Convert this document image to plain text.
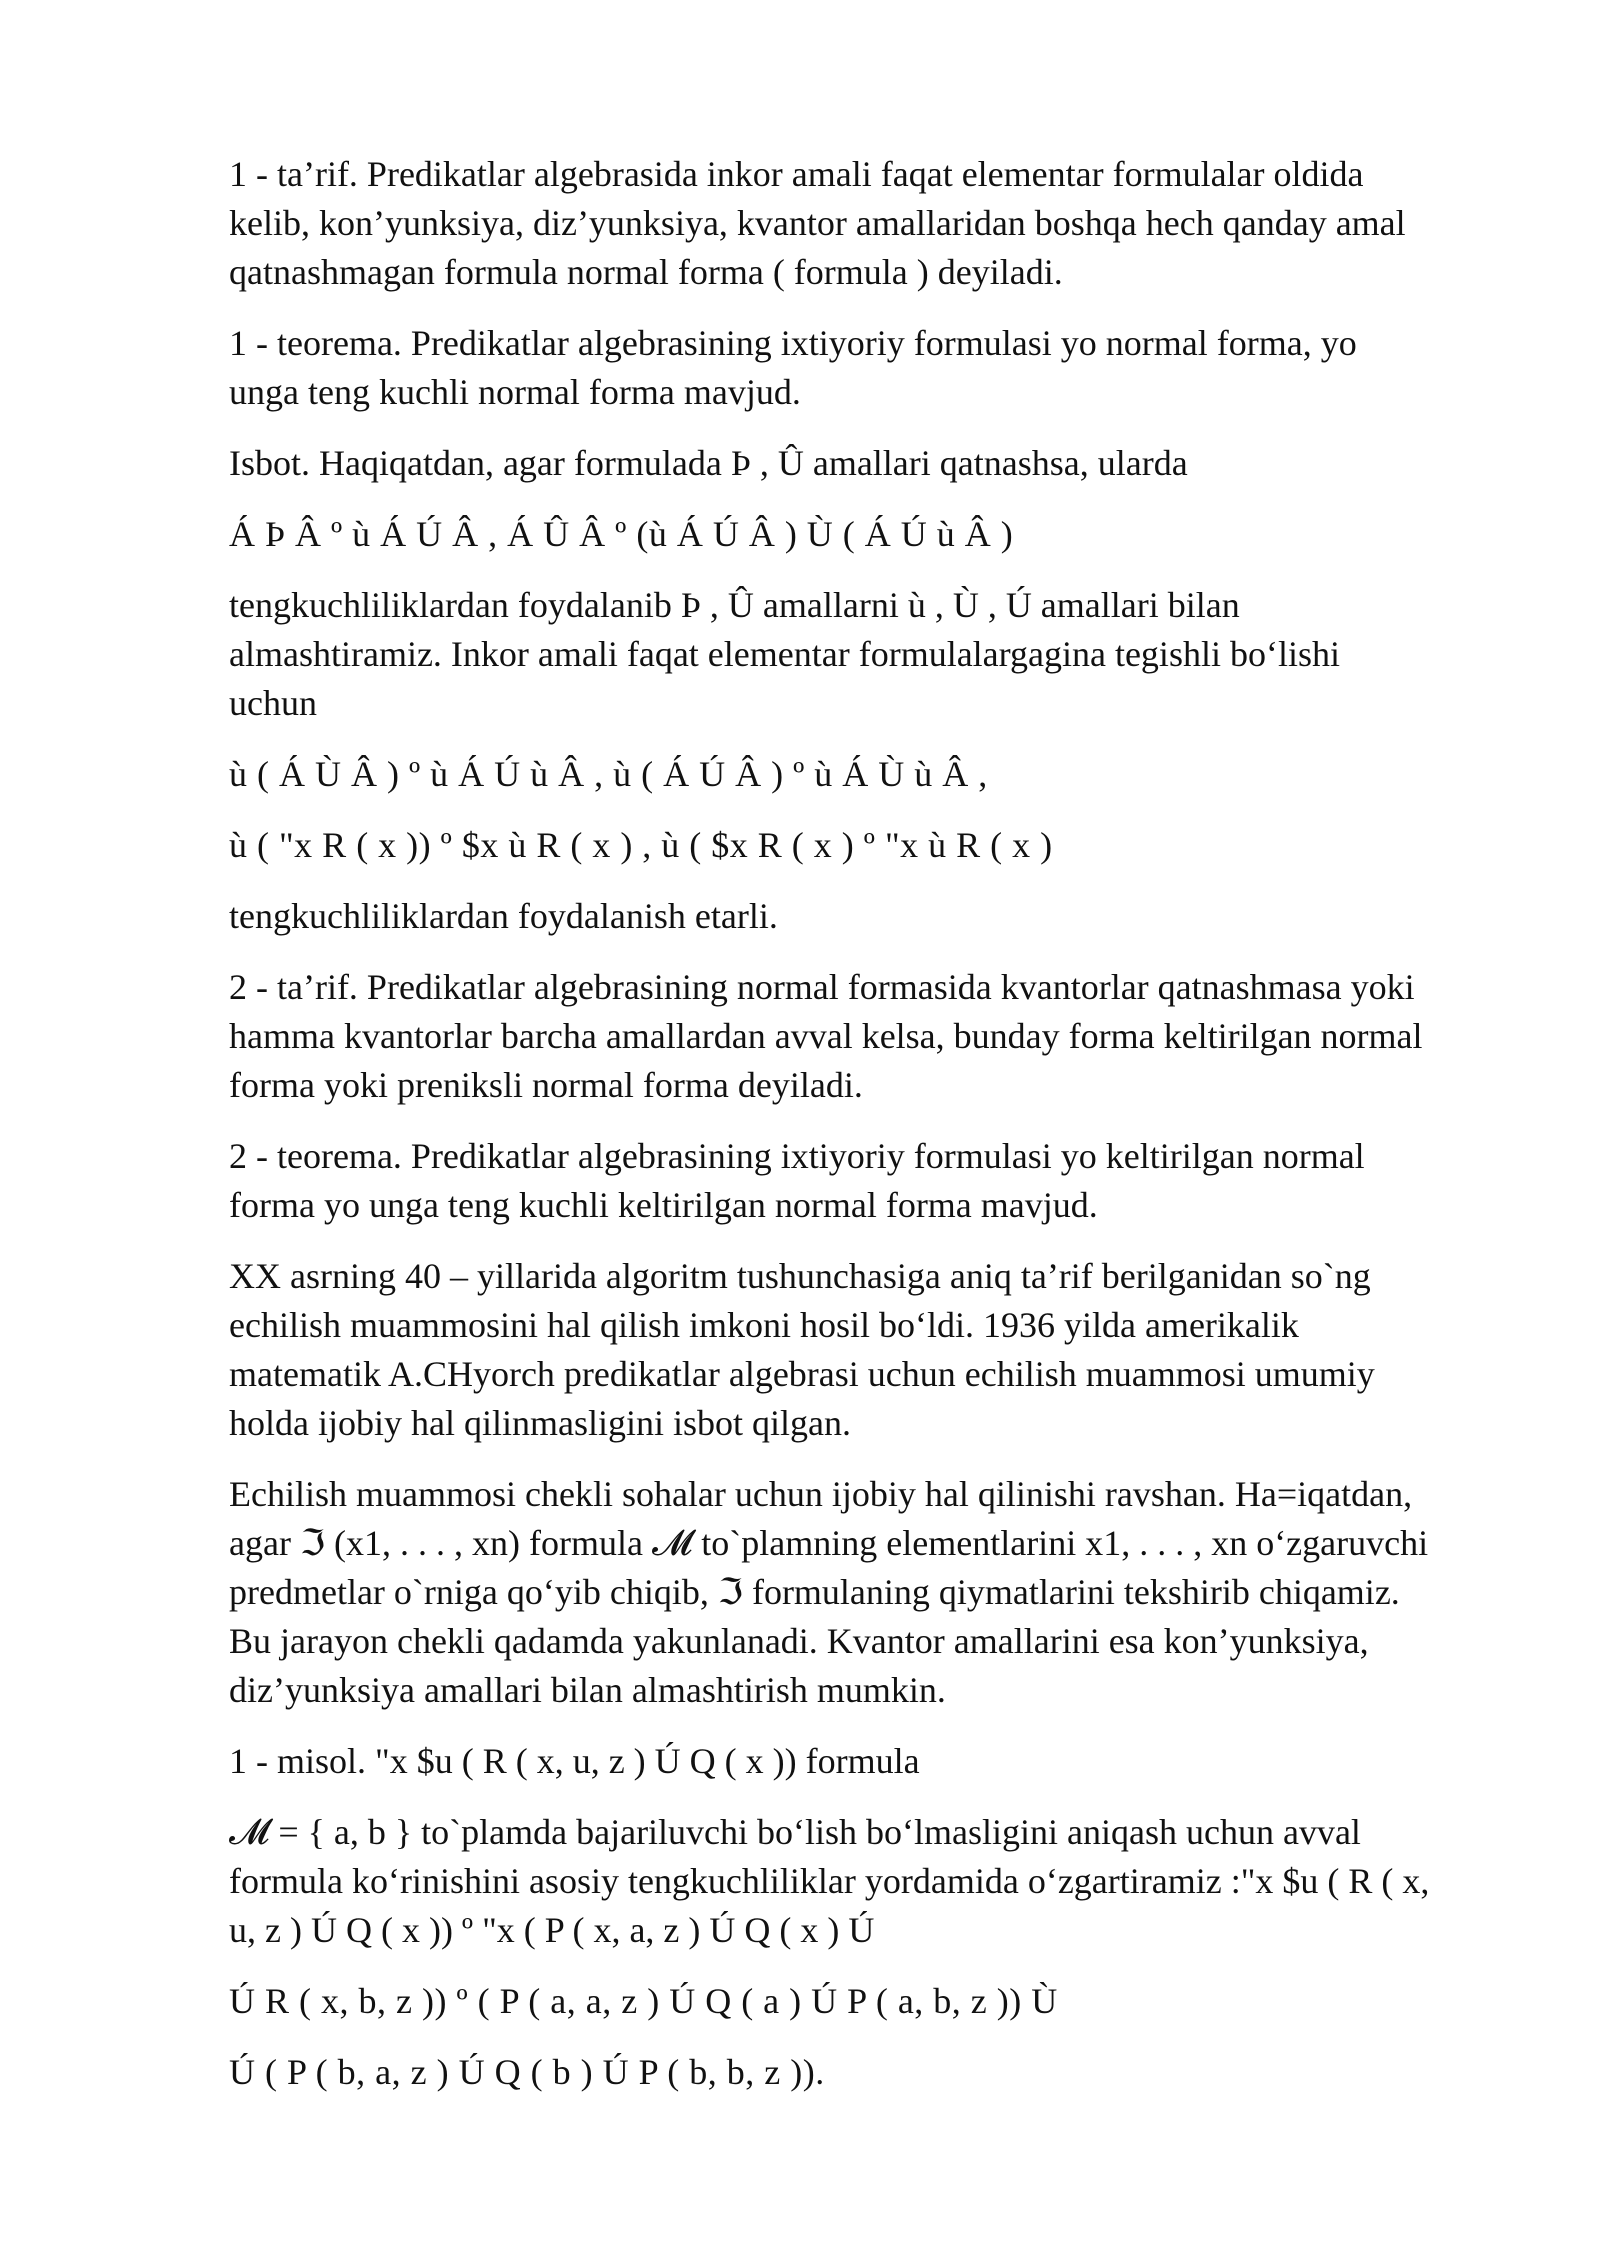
1 - ta’rif. Predikatlar algebrasida inkor amali faqat elementar formulalar oldida
kelib, kon’yunksiya, diz’yunksiya, kvantor amallaridan boshqa hech qanday amal
qatnashmagan formula normal forma ( formula ) deyiladi.

1 - teorema. Predikatlar algebrasining ixtiyoriy formulasi yo normal forma, yo
unga teng kuchli normal forma mavjud.

Isbot. Haqiqatdan, agar formulada Þ , Û amallari qatnashsa, ularda

Á Þ Â º ù Á Ú Â , Á Û Â º (ù Á Ú Â ) Ù ( Á Ú ù Â )

tengkuchliliklardan foydalanib Þ , Û amallarni ù , Ù , Ú amallari bilan
almashtiramiz. Inkor amali faqat elementar formulalargagina tegishli bo‘lishi
uchun

ù ( Á Ù Â ) º ù Á Ú ù Â , ù ( Á Ú Â ) º ù Á Ù ù Â ,

ù ( "x R ( x )) º $x ù R ( x ) , ù ( $x R ( x ) º "x ù R ( x )

tengkuchliliklardan foydalanish etarli.

2 - ta’rif. Predikatlar algebrasining normal formasida kvantorlar qatnashmasa yoki
hamma kvantorlar barcha amallardan avval kelsa, bunday forma keltirilgan normal
forma yoki preniksli normal forma deyiladi.

2 - teorema. Predikatlar algebrasining ixtiyoriy formulasi yo keltirilgan normal
forma yo unga teng kuchli keltirilgan normal forma mavjud.

XX asrning 40 – yillarida algoritm tushunchasiga aniq ta’rif berilganidan so`ng
echilish muammosini hal qilish imkoni hosil bo‘ldi. 1936 yilda amerikalik
matematik A.CHyorch predikatlar algebrasi uchun echilish muammosi umumiy
holda ijobiy hal qilinmasligini isbot qilgan.

Echilish muammosi chekli sohalar uchun ijobiy hal qilinishi ravshan. Ha=iqatdan,
agar ℑ (x1, . . . , xn) formula 𝓜 to`plamning elementlarini x1, . . . , xn o‘zgaruvchi
predmetlar o`rniga qo‘yib chiqib, ℑ formulaning qiymatlarini tekshirib chiqamiz.
Bu jarayon chekli qadamda yakunlanadi. Kvantor amallarini esa kon’yunksiya,
diz’yunksiya amallari bilan almashtirish mumkin.

1 - misol. "x $u ( R ( x, u, z ) Ú Q ( x )) formula

𝓜 = { a, b } to`plamda bajariluvchi bo‘lish bo‘lmasligini aniqash uchun avval
formula ko‘rinishini asosiy tengkuchliliklar yordamida o‘zgartiramiz :"x $u ( R ( x,
u, z ) Ú Q ( x )) º "x ( P ( x, a, z ) Ú Q ( x ) Ú

Ú R ( x, b, z )) º ( P ( a, a, z ) Ú Q ( a ) Ú P ( a, b, z )) Ù

Ú ( P ( b, a, z ) Ú Q ( b ) Ú P ( b, b, z )).
